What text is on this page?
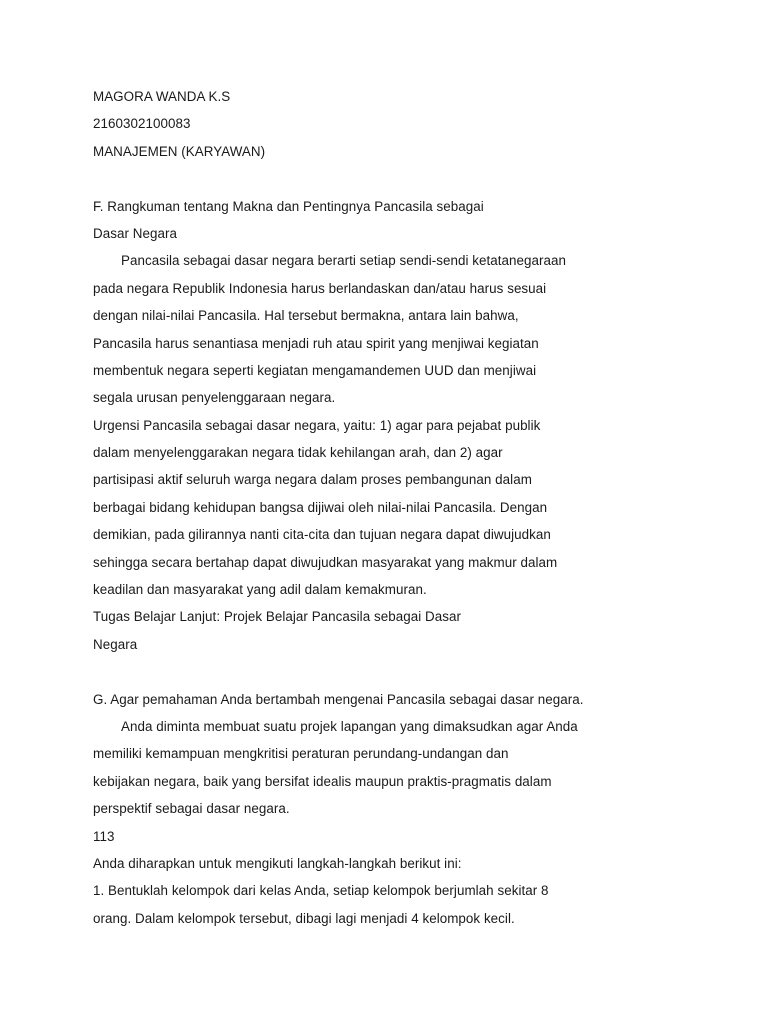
MAGORA WANDA K.S
2160302100083
MANAJEMEN (KARYAWAN)
F. Rangkuman tentang Makna dan Pentingnya Pancasila sebagai
Dasar Negara
Pancasila sebagai dasar negara berarti setiap sendi-sendi ketatanegaraan
pada negara Republik Indonesia harus berlandaskan dan/atau harus sesuai
dengan nilai-nilai Pancasila. Hal tersebut bermakna, antara lain bahwa,
Pancasila harus senantiasa menjadi ruh atau spirit yang menjiwai kegiatan
membentuk negara seperti kegiatan mengamandemen UUD dan menjiwai
segala urusan penyelenggaraan negara.
Urgensi Pancasila sebagai dasar negara, yaitu: 1) agar para pejabat publik
dalam menyelenggarakan negara tidak kehilangan arah, dan 2) agar
partisipasi aktif seluruh warga negara dalam proses pembangunan dalam
berbagai bidang kehidupan bangsa dijiwai oleh nilai-nilai Pancasila. Dengan
demikian, pada gilirannya nanti cita-cita dan tujuan negara dapat diwujudkan
sehingga secara bertahap dapat diwujudkan masyarakat yang makmur dalam
keadilan dan masyarakat yang adil dalam kemakmuran.
Tugas Belajar Lanjut: Projek Belajar Pancasila sebagai Dasar
Negara
G. Agar pemahaman Anda bertambah mengenai Pancasila sebagai dasar negara.
Anda diminta membuat suatu projek lapangan yang dimaksudkan agar Anda
memiliki kemampuan mengkritisi peraturan perundang-undangan dan
kebijakan negara, baik yang bersifat idealis maupun praktis-pragmatis dalam
perspektif sebagai dasar negara.
113
Anda diharapkan untuk mengikuti langkah-langkah berikut ini:
1. Bentuklah kelompok dari kelas Anda, setiap kelompok berjumlah sekitar 8
orang. Dalam kelompok tersebut, dibagi lagi menjadi 4 kelompok kecil.
